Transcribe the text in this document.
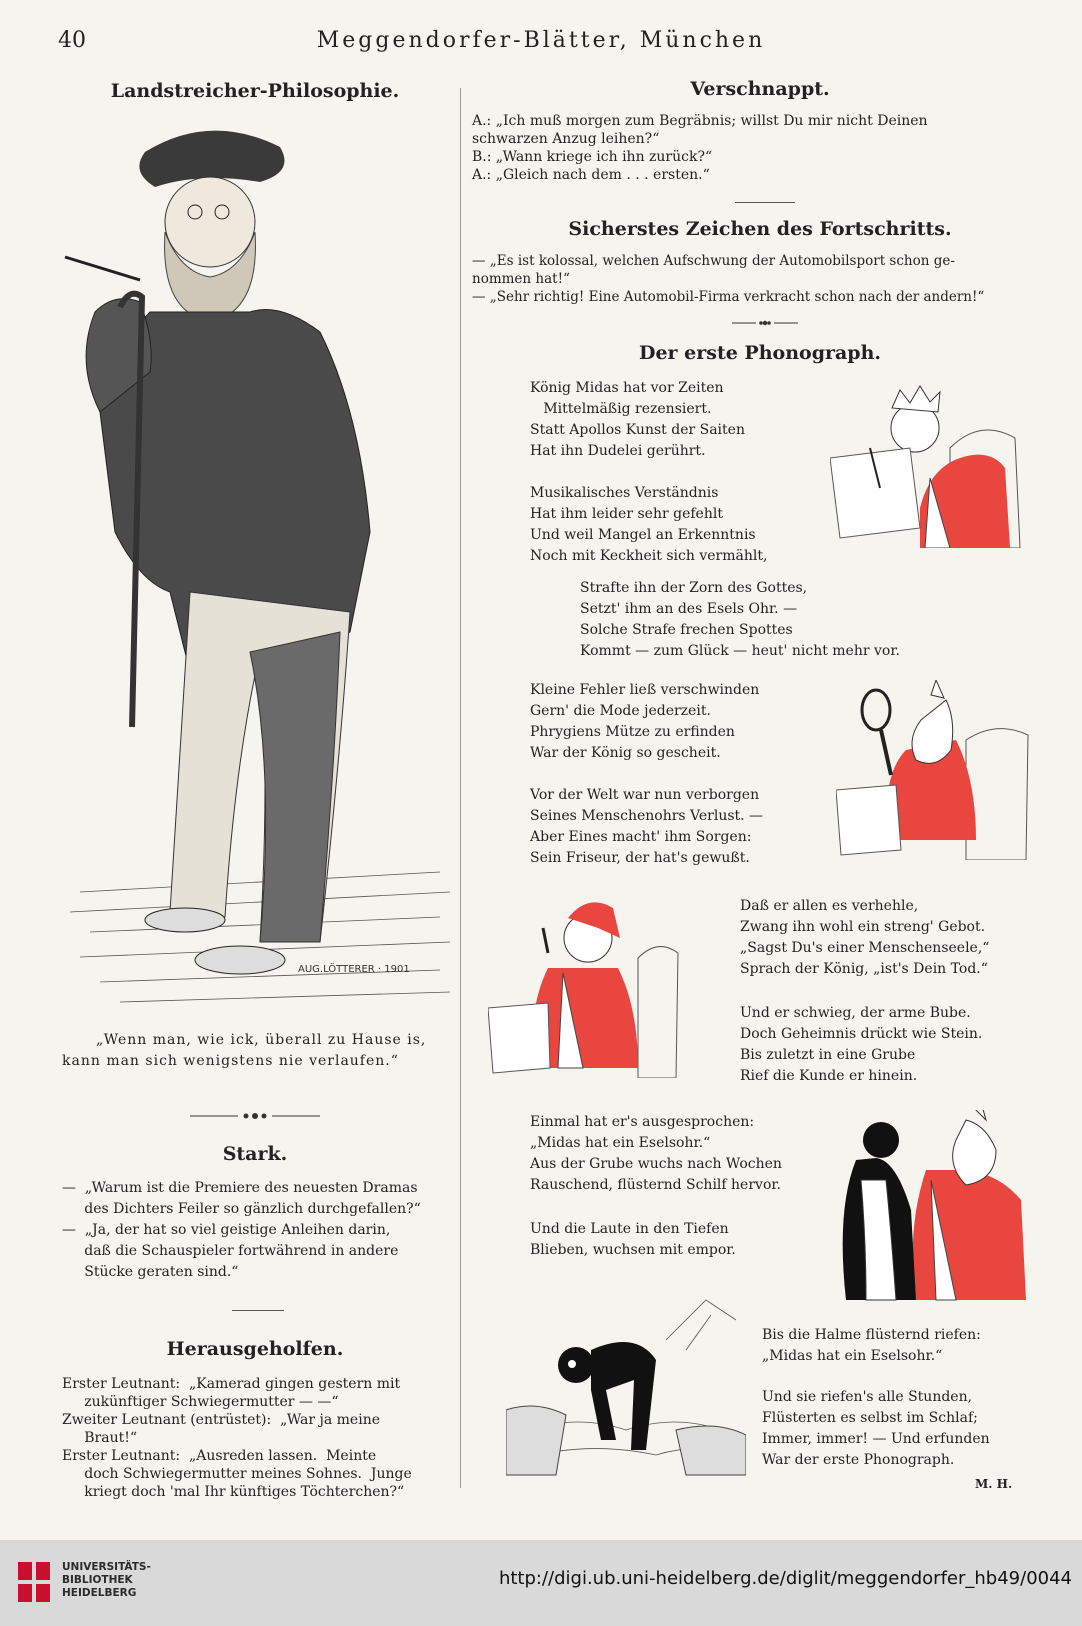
40	Meggendorfer-Blätter, München
Landstreicher-Philosophie.
AUG.LÖTTERER · 1901
„Wenn man, wie ick, überall zu Hause is,
kann man sich wenigstens nie verlaufen.“
Stark.
—  „Warum ist die Premiere des neuesten Dramas
des Dichters Feiler so gänzlich durchgefallen?“
—  „Ja, der hat so viel geistige Anleihen darin,
daß die Schauspieler fortwährend in andere
Stücke geraten sind.“
Herausgeholfen.
Erster Leutnant:  „Kamerad gingen gestern mit
zukünftiger Schwiegermutter — —“
Zweiter Leutnant (entrüstet):  „War ja meine
Braut!“
Erster Leutnant:  „Ausreden lassen.  Meinte
doch Schwiegermutter meines Sohnes.  Junge
kriegt doch 'mal Ihr künftiges Töchterchen?“
Verschnappt.
A.: „Ich muß morgen zum Begräbnis; willst Du mir nicht Deinen
schwarzen Anzug leihen?“
B.: „Wann kriege ich ihn zurück?“
A.: „Gleich nach dem . . . ersten.“
Sicherstes Zeichen des Fortschritts.
— „Es ist kolossal, welchen Aufschwung der Automobilsport schon ge-
nommen hat!“
— „Sehr richtig! Eine Automobil-Firma verkracht schon nach der andern!“
Der erste Phonograph.
König Midas hat vor Zeiten
Mittelmäßig rezensiert.
Statt Apollos Kunst der Saiten
Hat ihn Dudelei gerührt.
Musikalisches Verständnis
Hat ihm leider sehr gefehlt
Und weil Mangel an Erkenntnis
Noch mit Keckheit sich vermählt,
Strafte ihn der Zorn des Gottes,
Setzt' ihm an des Esels Ohr. —
Solche Strafe frechen Spottes
Kommt — zum Glück — heut' nicht mehr vor.
Kleine Fehler ließ verschwinden
Gern' die Mode jederzeit.
Phrygiens Mütze zu erfinden
War der König so gescheit.
Vor der Welt war nun verborgen
Seines Menschenohrs Verlust. —
Aber Eines macht' ihm Sorgen:
Sein Friseur, der hat's gewußt.
Daß er allen es verhehle,
Zwang ihn wohl ein streng' Gebot.
„Sagst Du's einer Menschenseele,“
Sprach der König, „ist's Dein Tod.“
Und er schwieg, der arme Bube.
Doch Geheimnis drückt wie Stein.
Bis zuletzt in eine Grube
Rief die Kunde er hinein.
Einmal hat er's ausgesprochen:
„Midas hat ein Eselsohr.“
Aus der Grube wuchs nach Wochen
Rauschend, flüsternd Schilf hervor.
Und die Laute in den Tiefen
Blieben, wuchsen mit empor.
Bis die Halme flüsternd riefen:
„Midas hat ein Eselsohr.“
Und sie riefen's alle Stunden,
Flüsterten es selbst im Schlaf;
Immer, immer! — Und erfunden
War der erste Phonograph.
M. H.
UNIVERSITÄTS-
BIBLIOTHEK
HEIDELBERG
http://digi.ub.uni-heidelberg.de/diglit/meggendorfer_hb49/0044
